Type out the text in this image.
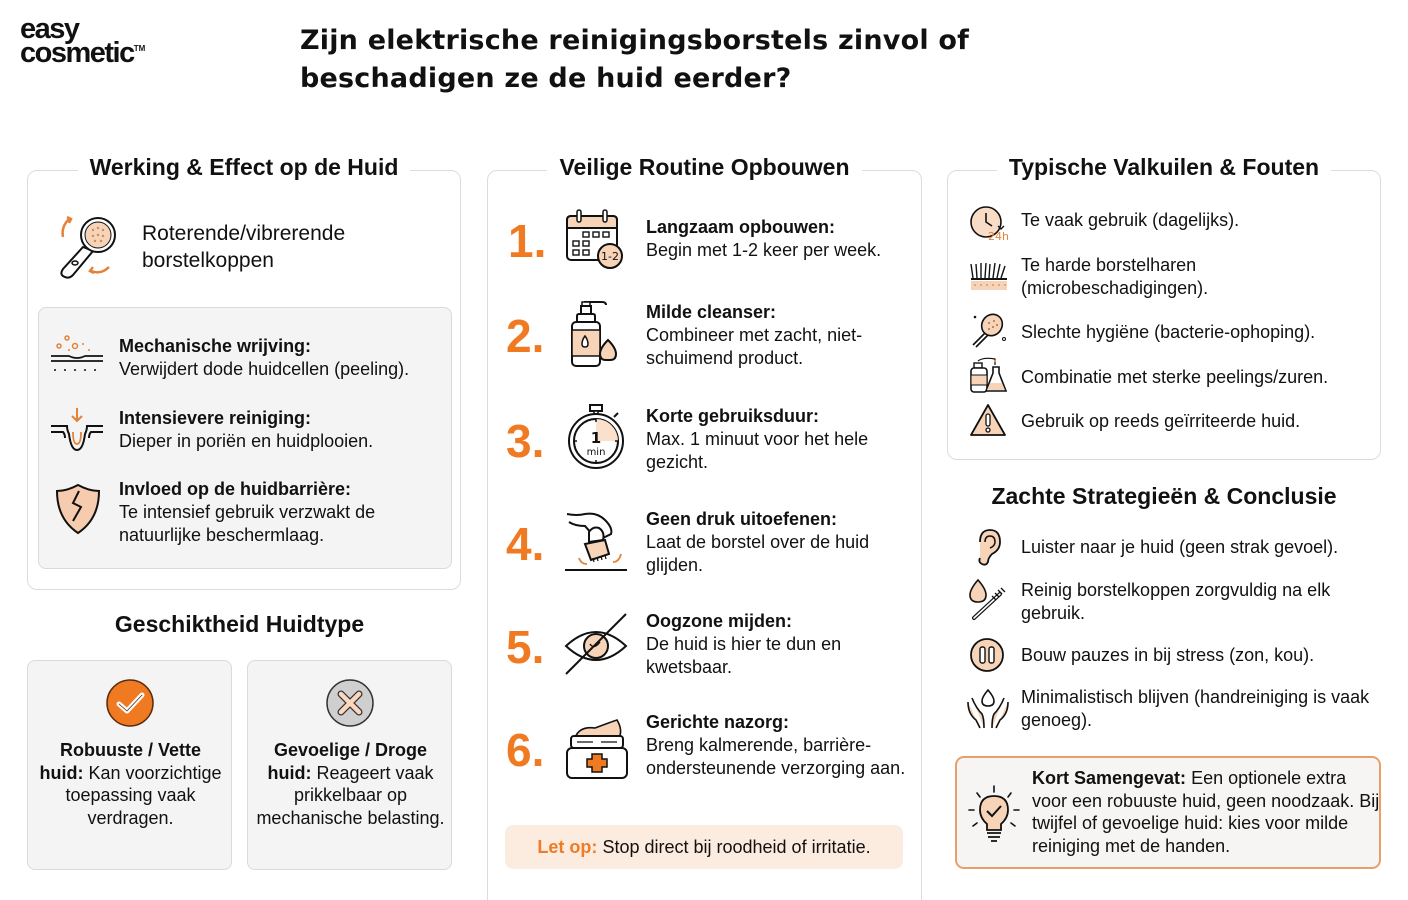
easy
cosmetic™	Zijn elektrische reinigingsborstels zinvol of beschadigen ze de huid eerder?
Werking & Effect op de Huid
Roterende/vibrerende
borstelkoppen
Mechanische wrijving:
Verwijdert dode huidcellen (peeling).
Intensievere reiniging:
Dieper in poriën en huidplooien.
Invloed op de huidbarrière:
Te intensief gebruik verzwakt de natuurlijke beschermlaag.
Geschiktheid Huidtype
Robuuste / Vette huid: Kan voorzichtige toepassing vaak verdragen.
Gevoelige / Droge huid: Reageert vaak prikkelbaar op mechanische belasting.
Veilige Routine Opbouwen
1.	1-2
Langzaam opbouwen:
Begin met 1-2 keer per week.
2.	Milde cleanser:
Combineer met zacht, niet-schuimend product.
3.	1
min
Korte gebruiksduur:
Max. 1 minuut voor het hele gezicht.
4.	Geen druk uitoefenen:
Laat de borstel over de huid glijden.
5.	Oogzone mijden:
De huid is hier te dun en kwetsbaar.
6.
Gerichte nazorg:
Breng kalmerende, barrière-ondersteunende verzorging aan.
Let op: Stop direct bij roodheid of irritatie.
Typische Valkuilen & Fouten
24h
Te vaak gebruik (dagelijks).
Te harde borstelharen (microbeschadigingen).
Slechte hygiëne (bacterie-ophoping).
Combinatie met sterke peelings/zuren.
Gebruik op reeds geïrriteerde huid.
Zachte Strategieën & Conclusie
Luister naar je huid (geen strak gevoel).
Reinig borstelkoppen zorgvuldig na elk gebruik.
Bouw pauzes in bij stress (zon, kou).
Minimalistisch blijven (handreiniging is vaak genoeg).
Kort Samengevat: Een optionele extra voor een robuuste huid, geen noodzaak. Bij twijfel of gevoelige huid: kies voor milde reiniging met de handen.
